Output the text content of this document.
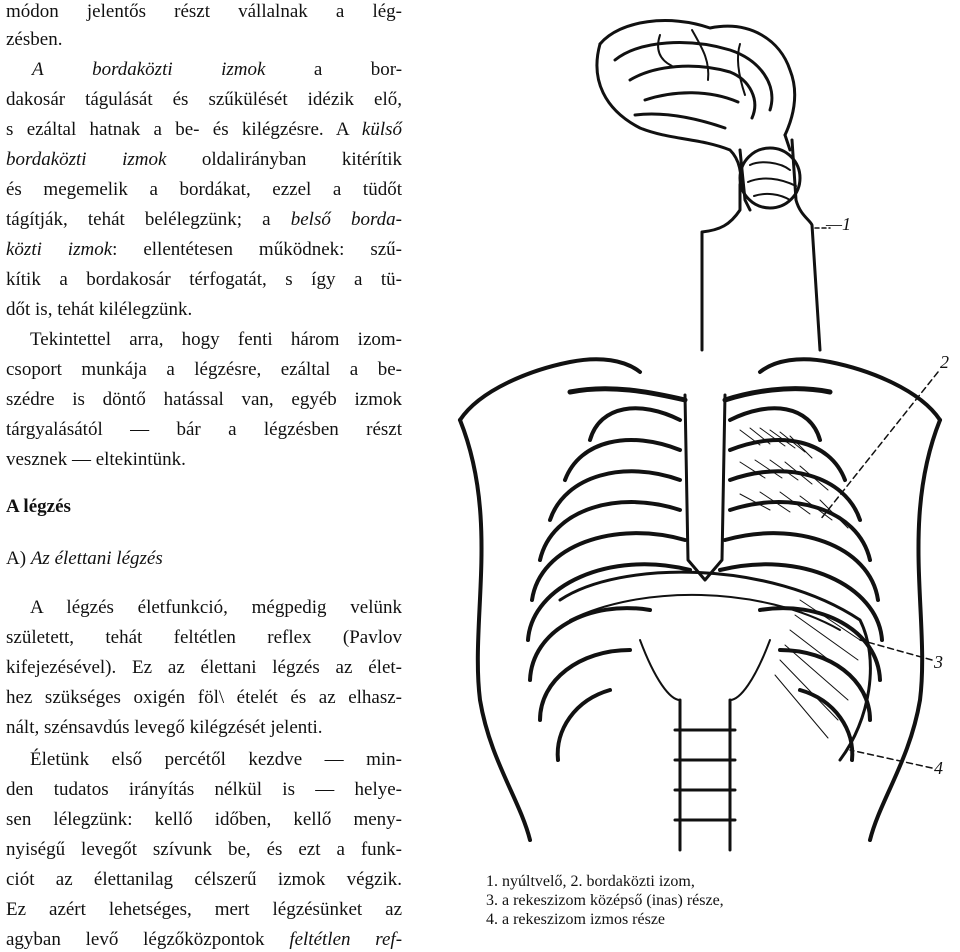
módon jelentős részt vállalnak a lég-
zésben.
A	bordaközti	izmok	a bor-
dakosár tágulását és szűkülését idézik elő,
s ezáltal hatnak a be- és kilégzésre. A külső
bordaközti izmok oldalirányban kitérítik
és megemelik a bordákat, ezzel a tüdőt
tágítják, tehát belélegzünk; a belső borda-
közti izmok: ellentétesen működnek: szű-
kítik a bordakosár térfogatát, s így a tü-
dőt is, tehát kilélegzünk.
Tekintettel arra, hogy fenti három izom-
csoport munkája a légzésre, ezáltal a be-
szédre is döntő hatással van, egyéb izmok
tárgyalásától — bár a légzésben részt
vesznek — eltekintünk.
A légzés
A) Az élettani légzés
A légzés életfunkció, mégpedig velünk
született, tehát feltétlen reflex (Pavlov
kifejezésével). Ez az élettani légzés az élet-
hez szükséges oxigén föl\ ételét és az elhasz-
nált, szénsavdús levegő kilégzését jelenti.
Életünk első percétől kezdve — min-
den tudatos irányítás nélkül is — helye-
sen lélegzünk: kellő időben, kellő meny-
nyiségű levegőt szívunk be, és ezt a funk-
ciót az élettanilag célszerű izmok végzik.
Ez azért lehetséges, mert légzésünket az
agyban levő légzőközpontok feltétlen ref-
—1
2
3
4
1. nyúltvelő, 2. bordaközti izom,
3. a rekeszizom középső (inas) része,
4. a rekeszizom izmos része
